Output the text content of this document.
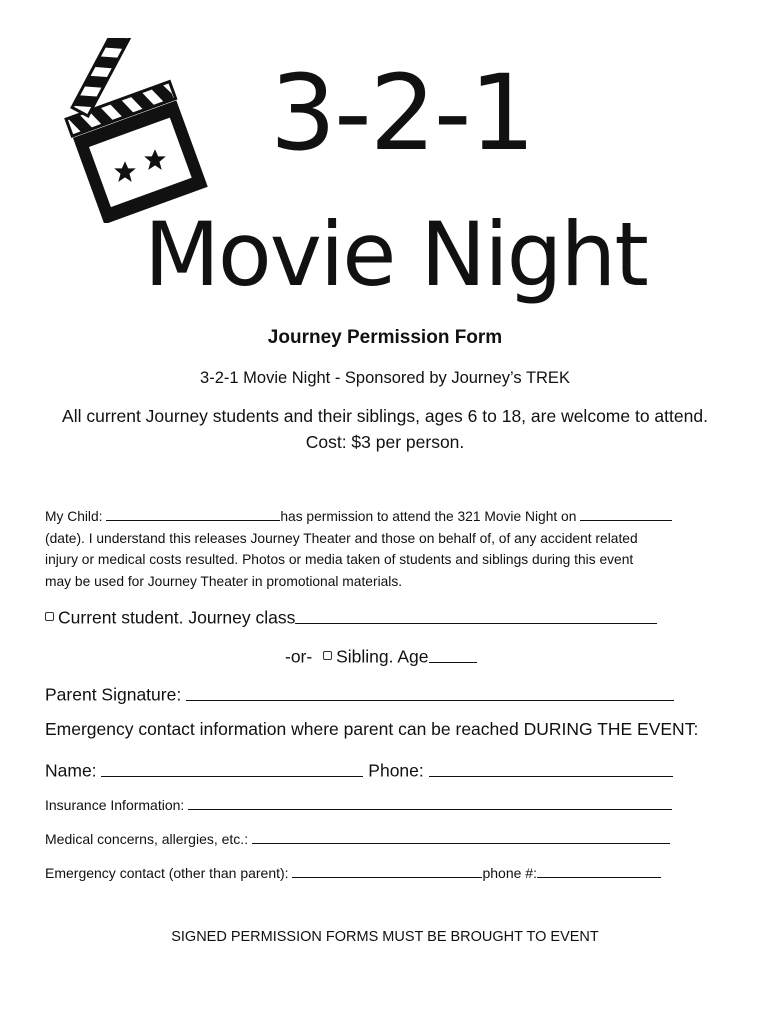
3-2-1
Movie Night
Journey Permission Form
3-2-1 Movie Night - Sponsored by Journey’s TREK
All current Journey students and their siblings, ages 6 to 18, are welcome to attend.
Cost: $3 per person.

My Child:	has permission to attend the 321 Movie Night on

(date). I understand this releases Journey Theater and those on behalf of, of any accident related

injury or medical costs resulted. Photos or media taken of students and siblings during this event

may be used for Journey Theater in promotional materials.

Current student. Journey class
-or- Sibling. Age
Parent Signature:
Emergency contact information where parent can be reached DURING THE EVENT:
Name:	Phone:
Insurance Information:
Medical concerns, allergies, etc.:
Emergency contact (other than parent):	phone #:
SIGNED PERMISSION FORMS MUST BE BROUGHT TO EVENT
